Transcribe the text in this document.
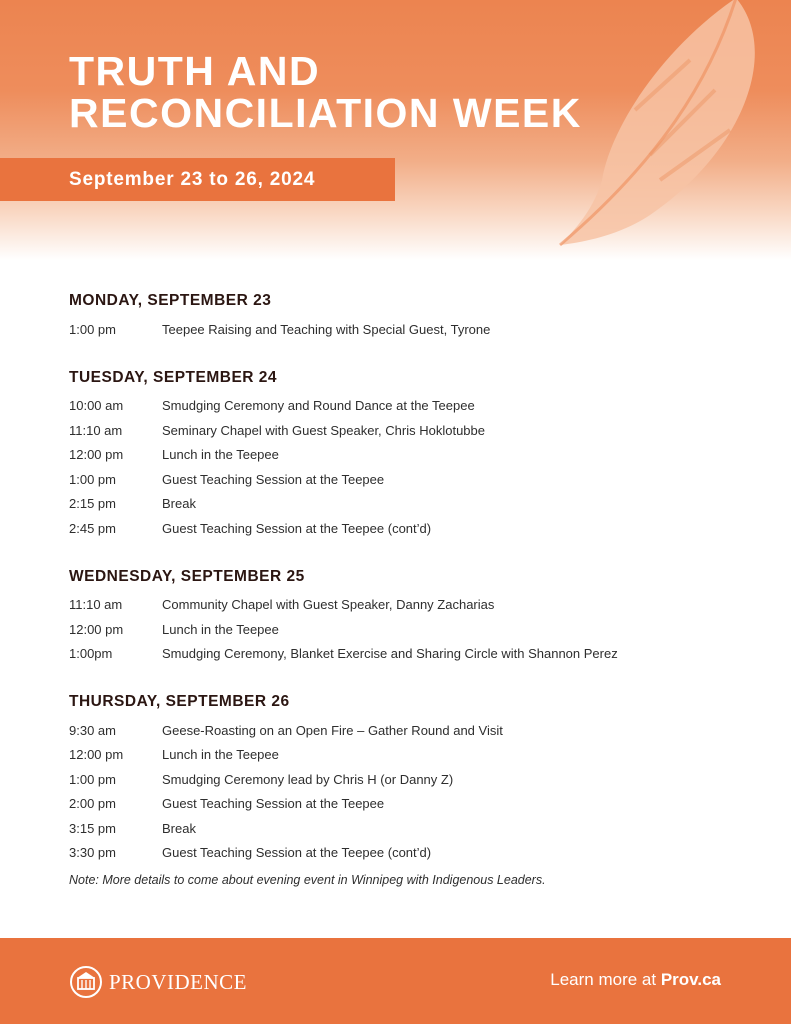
TRUTH AND RECONCILIATION WEEK
September 23 to 26, 2024
MONDAY, SEPTEMBER 23
1:00 pm	Teepee Raising and Teaching with Special Guest, Tyrone
TUESDAY, SEPTEMBER 24
10:00 am	Smudging Ceremony and Round Dance at the Teepee
11:10 am	Seminary Chapel with Guest Speaker, Chris Hoklotubbe
12:00 pm	Lunch in the Teepee
1:00 pm	Guest Teaching Session at the Teepee
2:15 pm	Break
2:45 pm	Guest Teaching Session at the Teepee (cont’d)
WEDNESDAY, SEPTEMBER 25
11:10 am	Community Chapel with Guest Speaker, Danny Zacharias
12:00 pm	Lunch in the Teepee
1:00pm	Smudging Ceremony, Blanket Exercise and Sharing Circle with Shannon Perez
THURSDAY, SEPTEMBER 26
9:30 am	Geese-Roasting on an Open Fire – Gather Round and Visit
12:00 pm	Lunch in the Teepee
1:00 pm	Smudging Ceremony lead by Chris H (or Danny Z)
2:00 pm	Guest Teaching Session at the Teepee
3:15 pm	Break
3:30 pm	Guest Teaching Session at the Teepee (cont’d)
Note: More details to come about evening event in Winnipeg with Indigenous Leaders.
PROVIDENCE	Learn more at Prov.ca
